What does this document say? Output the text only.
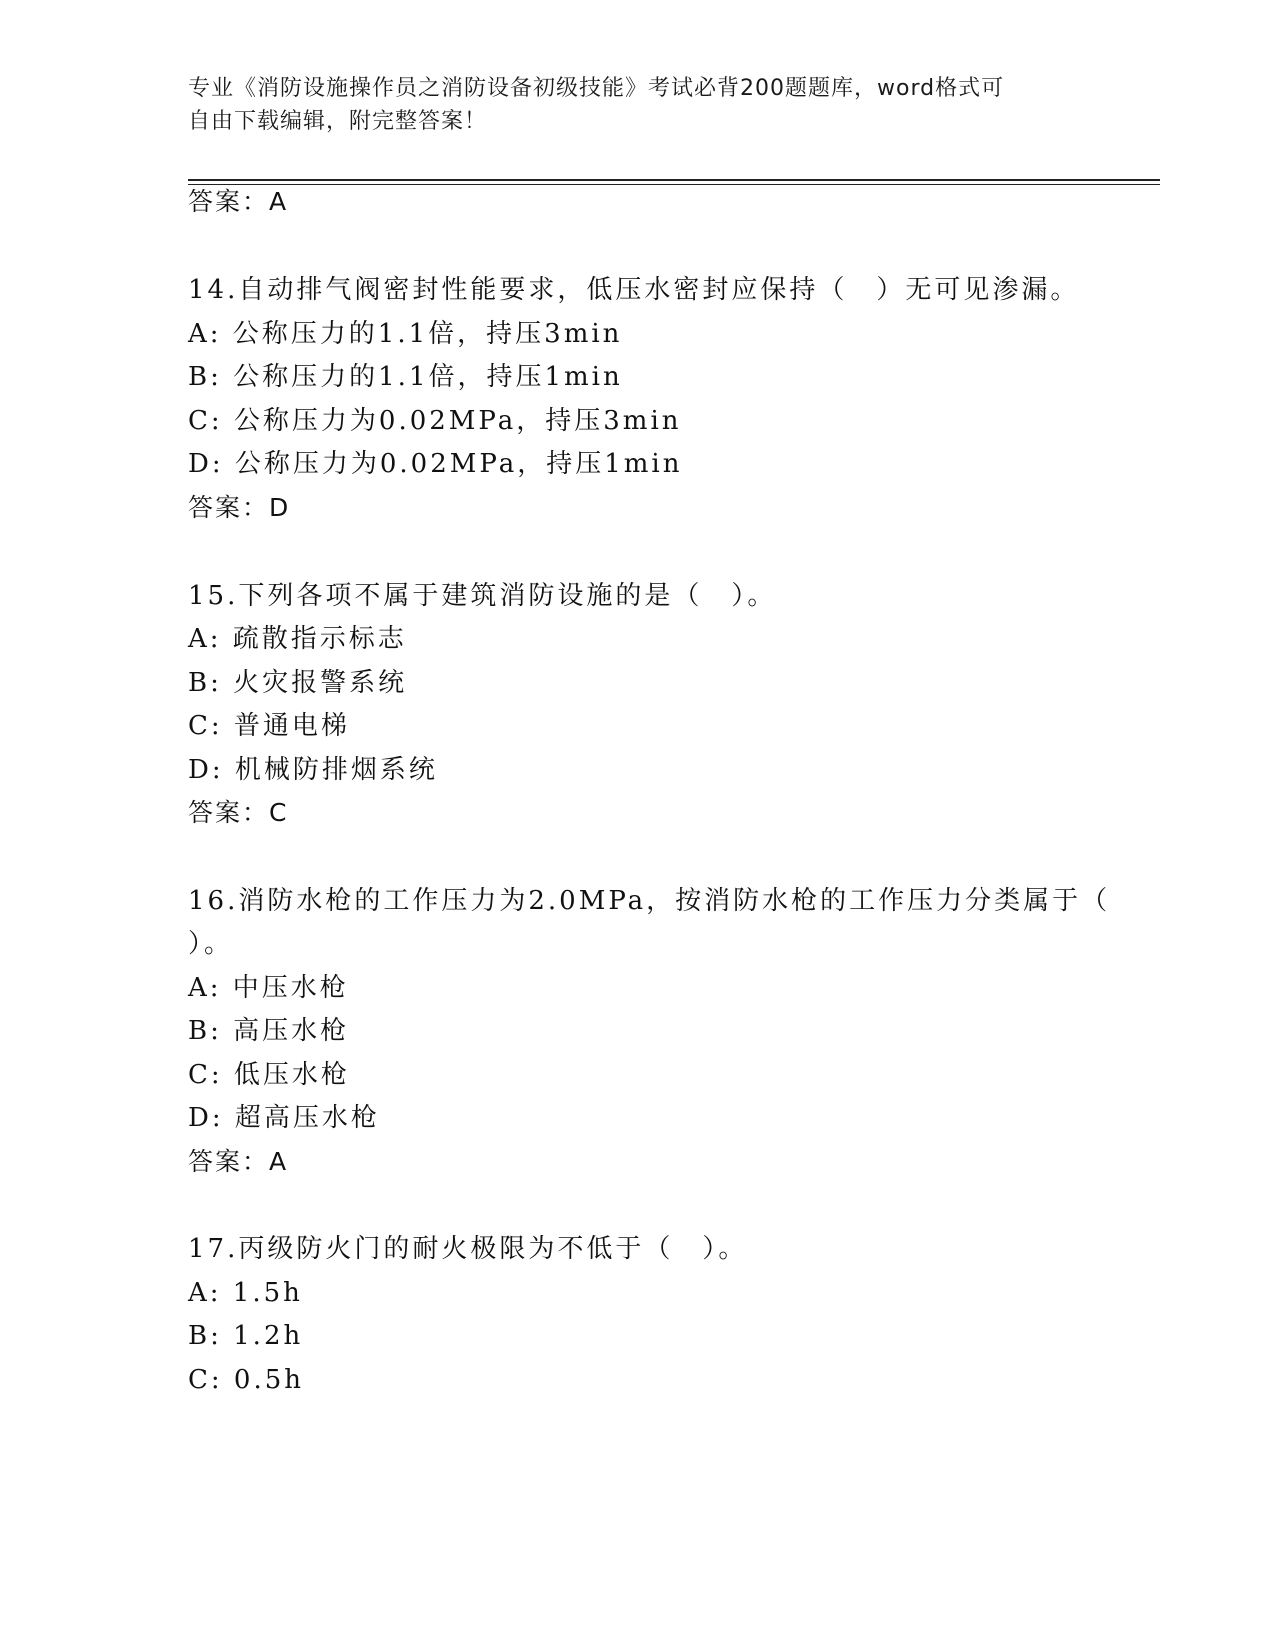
专业《消防设施操作员之消防设备初级技能》考试必背200题题库，word格式可
自由下载编辑，附完整答案！
答案：A
14.自动排气阀密封性能要求，低压水密封应保持（　）无可见渗漏。
A: 公称压力的1.1倍，持压3min
B: 公称压力的1.1倍，持压1min
C: 公称压力为0.02MPa，持压3min
D: 公称压力为0.02MPa，持压1min
答案：D
15.下列各项不属于建筑消防设施的是（　）。
A: 疏散指示标志
B: 火灾报警系统
C: 普通电梯
D: 机械防排烟系统
答案：C
16.消防水枪的工作压力为2.0MPa，按消防水枪的工作压力分类属于（
）。
A: 中压水枪
B: 高压水枪
C: 低压水枪
D: 超高压水枪
答案：A
17.丙级防火门的耐火极限为不低于（　）。
A: 1.5h
B: 1.2h
C: 0.5h
